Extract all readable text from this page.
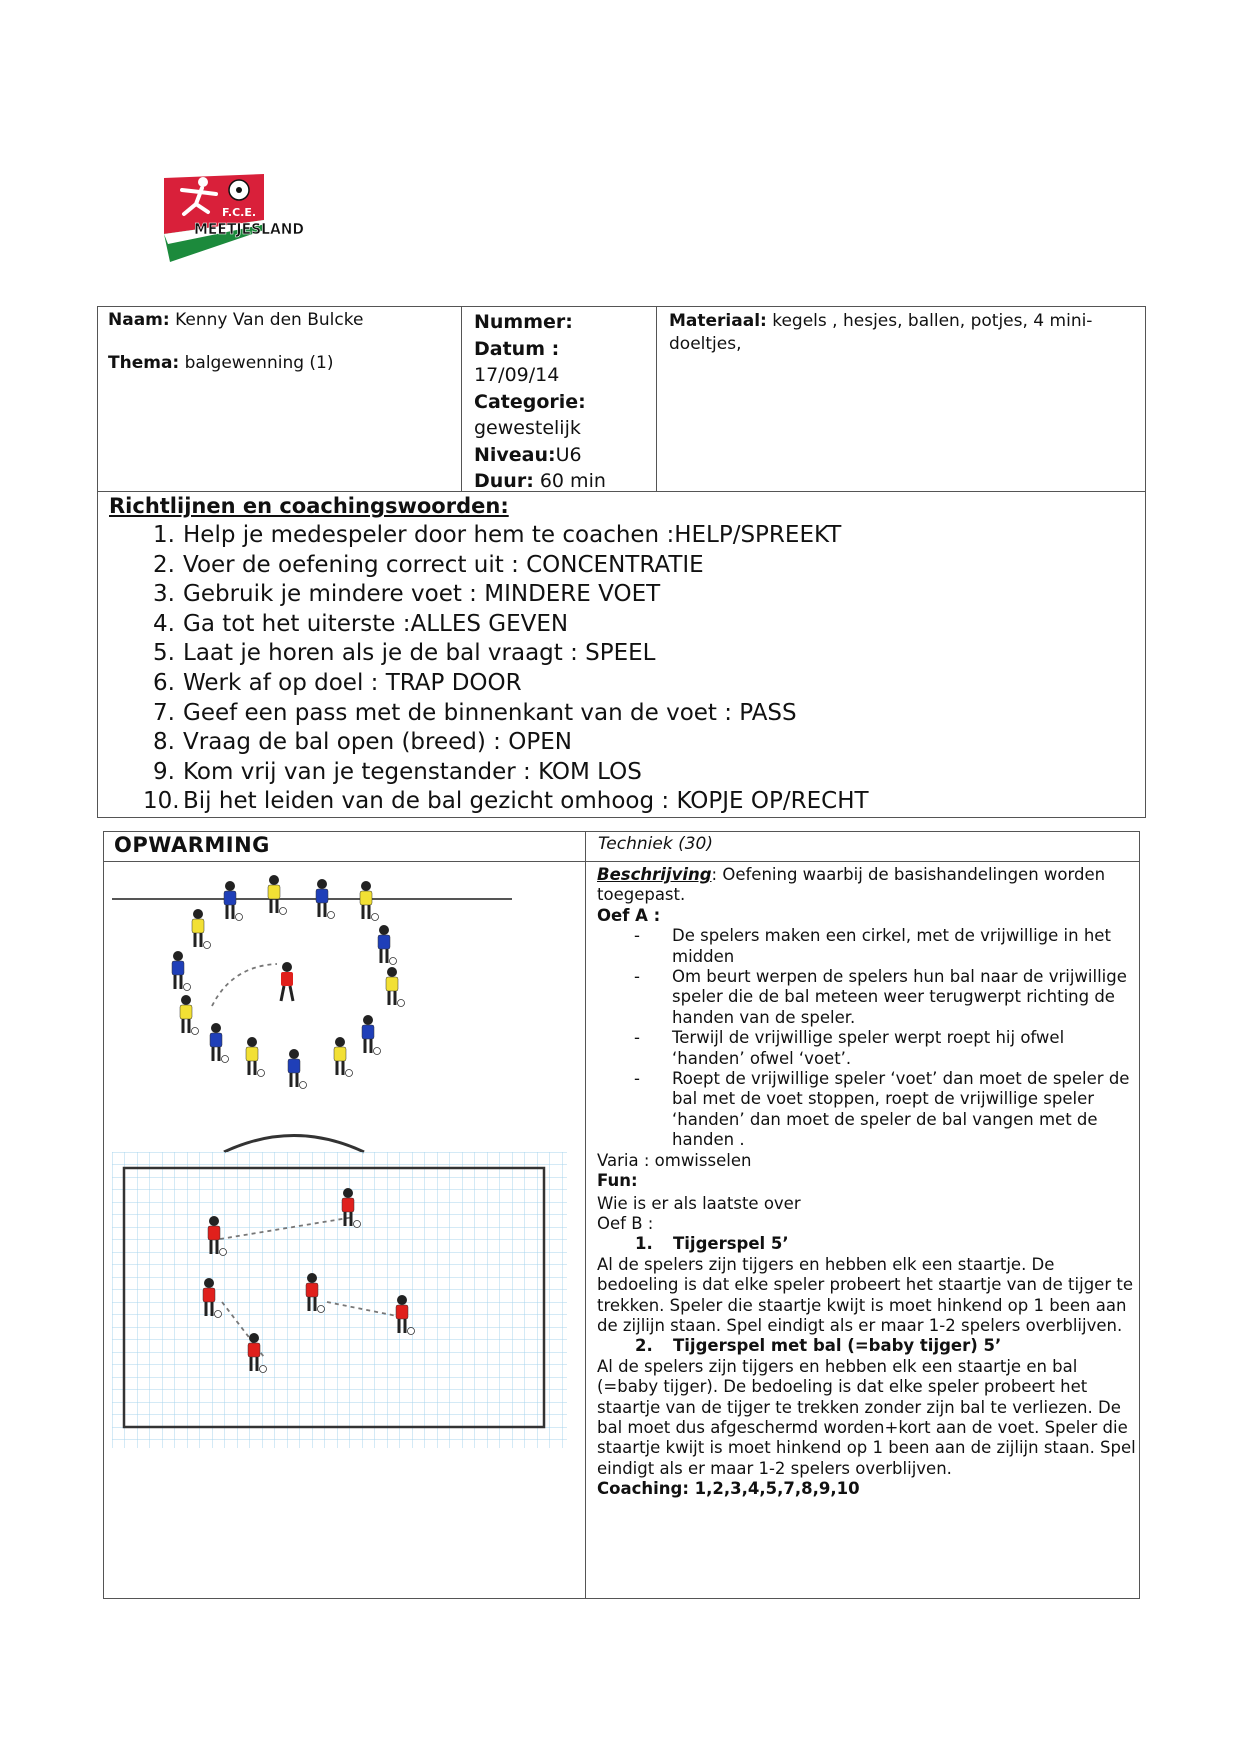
F.C.E.
MEETJESLAND
Naam: Kenny Van den Bulcke
Thema: balgewenning (1)
Nummer:
Datum :
17/09/14
Categorie:
gewestelijk
Niveau:U6
Duur: 60 min
Materiaal: kegels , hesjes, ballen, potjes, 4 mini-doeltjes,
Richtlijnen en coachingswoorden:
1. Help je medespeler door hem te coachen :HELP/SPREEKT
2. Voer de oefening correct uit : CONCENTRATIE
3. Gebruik je mindere voet : MINDERE VOET
4. Ga tot het uiterste :ALLES GEVEN
5. Laat je horen als je de bal vraagt : SPEEL
6. Werk af op doel : TRAP DOOR
7. Geef een pass met de binnenkant van de voet : PASS
8. Vraag de bal open (breed) : OPEN
9. Kom vrij van je tegenstander : KOM LOS
10. Bij het leiden van de bal gezicht omhoog : KOPJE OP/RECHT
OPWARMING	Techniek (30)

Beschrijving: Oefening waarbij de basishandelingen worden toegepast.

Oef A :

- De spelers maken een cirkel, met de vrijwillige in het midden
- Om beurt werpen de spelers hun bal naar de vrijwillige speler die de bal meteen weer terugwerpt richting de handen van de speler.
- Terwijl de vrijwillige speler werpt roept hij ofwel ‘handen’ ofwel ‘voet’.
- Roept de vrijwillige speler ‘voet’ dan moet de speler de bal met de voet stoppen, roept de vrijwillige speler ‘handen’ dan moet de speler de bal vangen met de handen .

Varia : omwisselen

Fun:

Wie is er als laatste over

Oef B :

1. Tijgerspel 5’

Al de spelers zijn tijgers en hebben elk een staartje. De bedoeling is dat elke speler probeert het staartje van de tijger te trekken. Speler die staartje kwijt is moet hinkend op 1 been aan de zijlijn staan. Spel eindigt als er maar 1-2 spelers overblijven.

2. Tijgerspel met bal (=baby tijger) 5’

Al de spelers zijn tijgers en hebben elk een staartje en bal (=baby tijger). De bedoeling is dat elke speler probeert het staartje van de tijger te trekken zonder zijn bal te verliezen. De bal moet dus afgeschermd worden+kort aan de voet. Speler die staartje kwijt is moet hinkend op 1 been aan de zijlijn staan. Spel eindigt als er maar 1-2 spelers overblijven.

Coaching: 1,2,3,4,5,7,8,9,10
